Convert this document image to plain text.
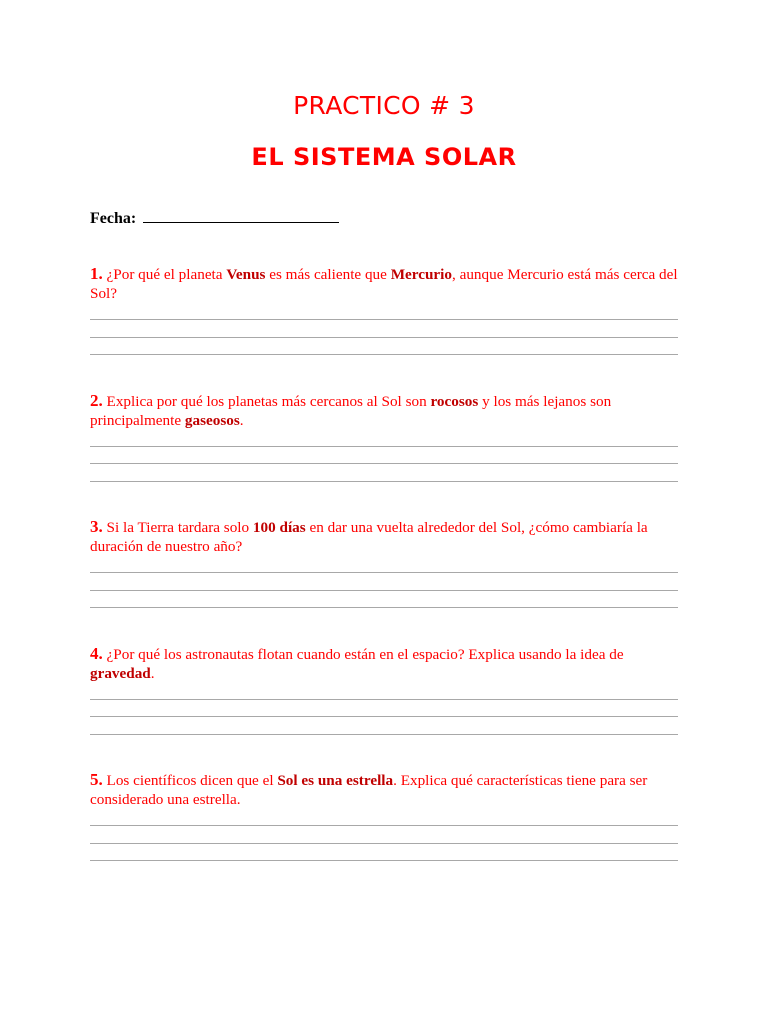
PRACTICO # 3
EL SISTEMA SOLAR
Fecha:

1. ¿Por qué el planeta Venus es más caliente que Mercurio, aunque Mercurio está más cerca del Sol?

2. Explica por qué los planetas más cercanos al Sol son rocosos y los más lejanos son principalmente gaseosos.

3. Si la Tierra tardara solo 100 días en dar una vuelta alrededor del Sol, ¿cómo cambiaría la duración de nuestro año?

4. ¿Por qué los astronautas flotan cuando están en el espacio? Explica usando la idea de gravedad.

5. Los científicos dicen que el Sol es una estrella. Explica qué características tiene para ser considerado una estrella.
